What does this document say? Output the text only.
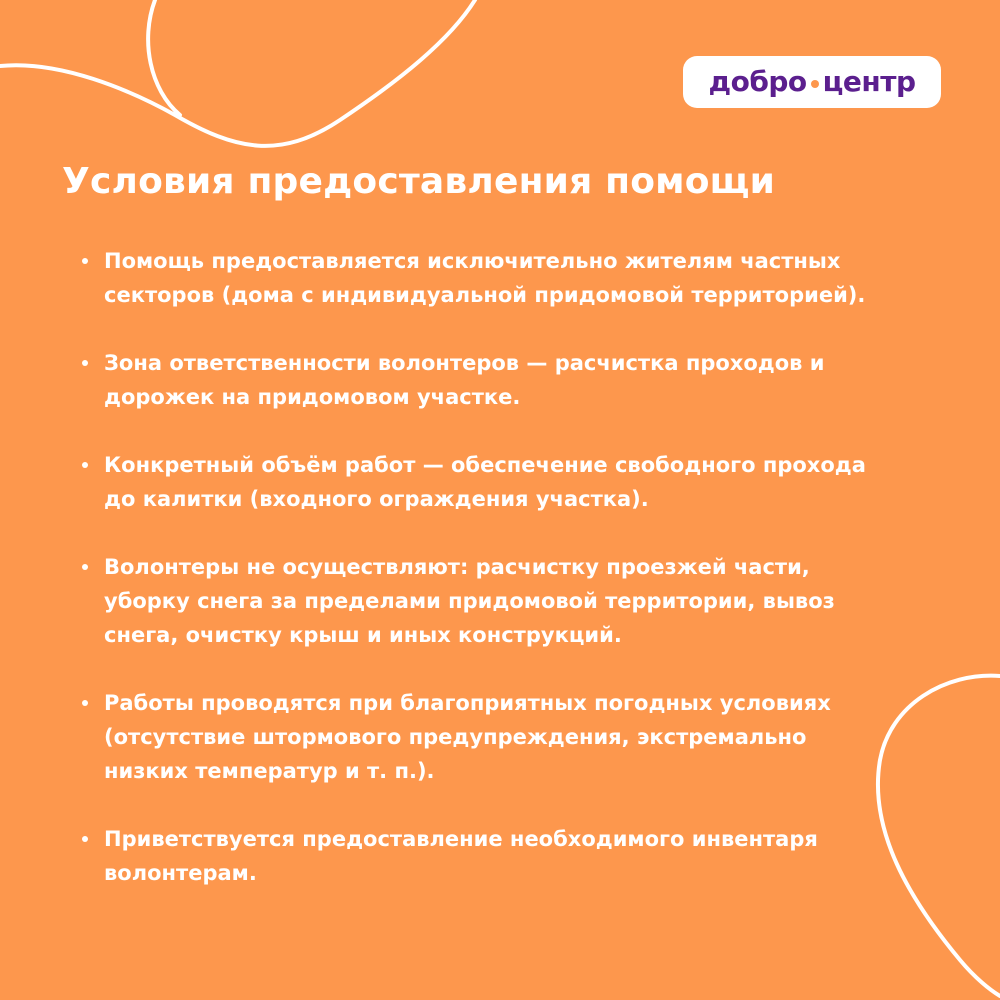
добро центр
Условия предоставления помощи
Помощь предоставляется исключительно жителям частных секторов (дома с индивидуальной придомовой территорией).
Зона ответственности волонтеров — расчистка проходов и дорожек на придомовом участке.
Конкретный объём работ — обеспечение свободного прохода до калитки (входного ограждения участка).
Волонтеры не осуществляют: расчистку проезжей части, уборку снега за пределами придомовой территории, вывоз снега, очистку крыш и иных конструкций.
Работы проводятся при благоприятных погодных условиях (отсутствие штормового предупреждения, экстремально низких температур и т. п.).
Приветствуется предоставление необходимого инвентаря волонтерам.
